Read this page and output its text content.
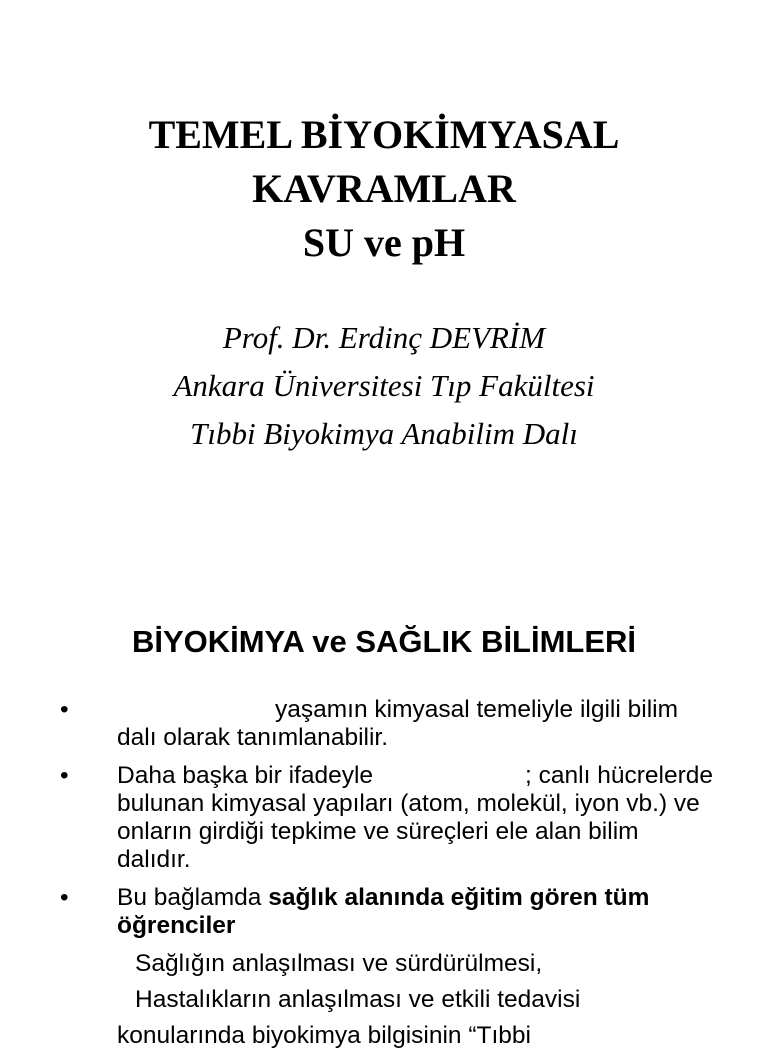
TEMEL BİYOKİMYASAL
KAVRAMLAR
SU ve pH
Prof. Dr. Erdinç DEVRİM
Ankara Üniversitesi Tıp Fakültesi
Tıbbi Biyokimya Anabilim Dalı
BİYOKİMYA ve SAĞLIK BİLİMLERİ
•	yaşamın kimyasal temeliyle ilgili bilim dalı olarak tanımlanabilir.
• Daha başka bir ifadeyle	; canlı hücrelerde bulunan kimyasal yapıları (atom, molekül, iyon vb.) ve onların girdiği tepkime ve süreçleri ele alan bilim dalıdır.
• Bu bağlamda sağlık alanında eğitim gören tüm öğrenciler
Sağlığın anlaşılması ve sürdürülmesi,
Hastalıkların anlaşılması ve etkili tedavisi
konularında biyokimya bilgisinin “Tıbbi
